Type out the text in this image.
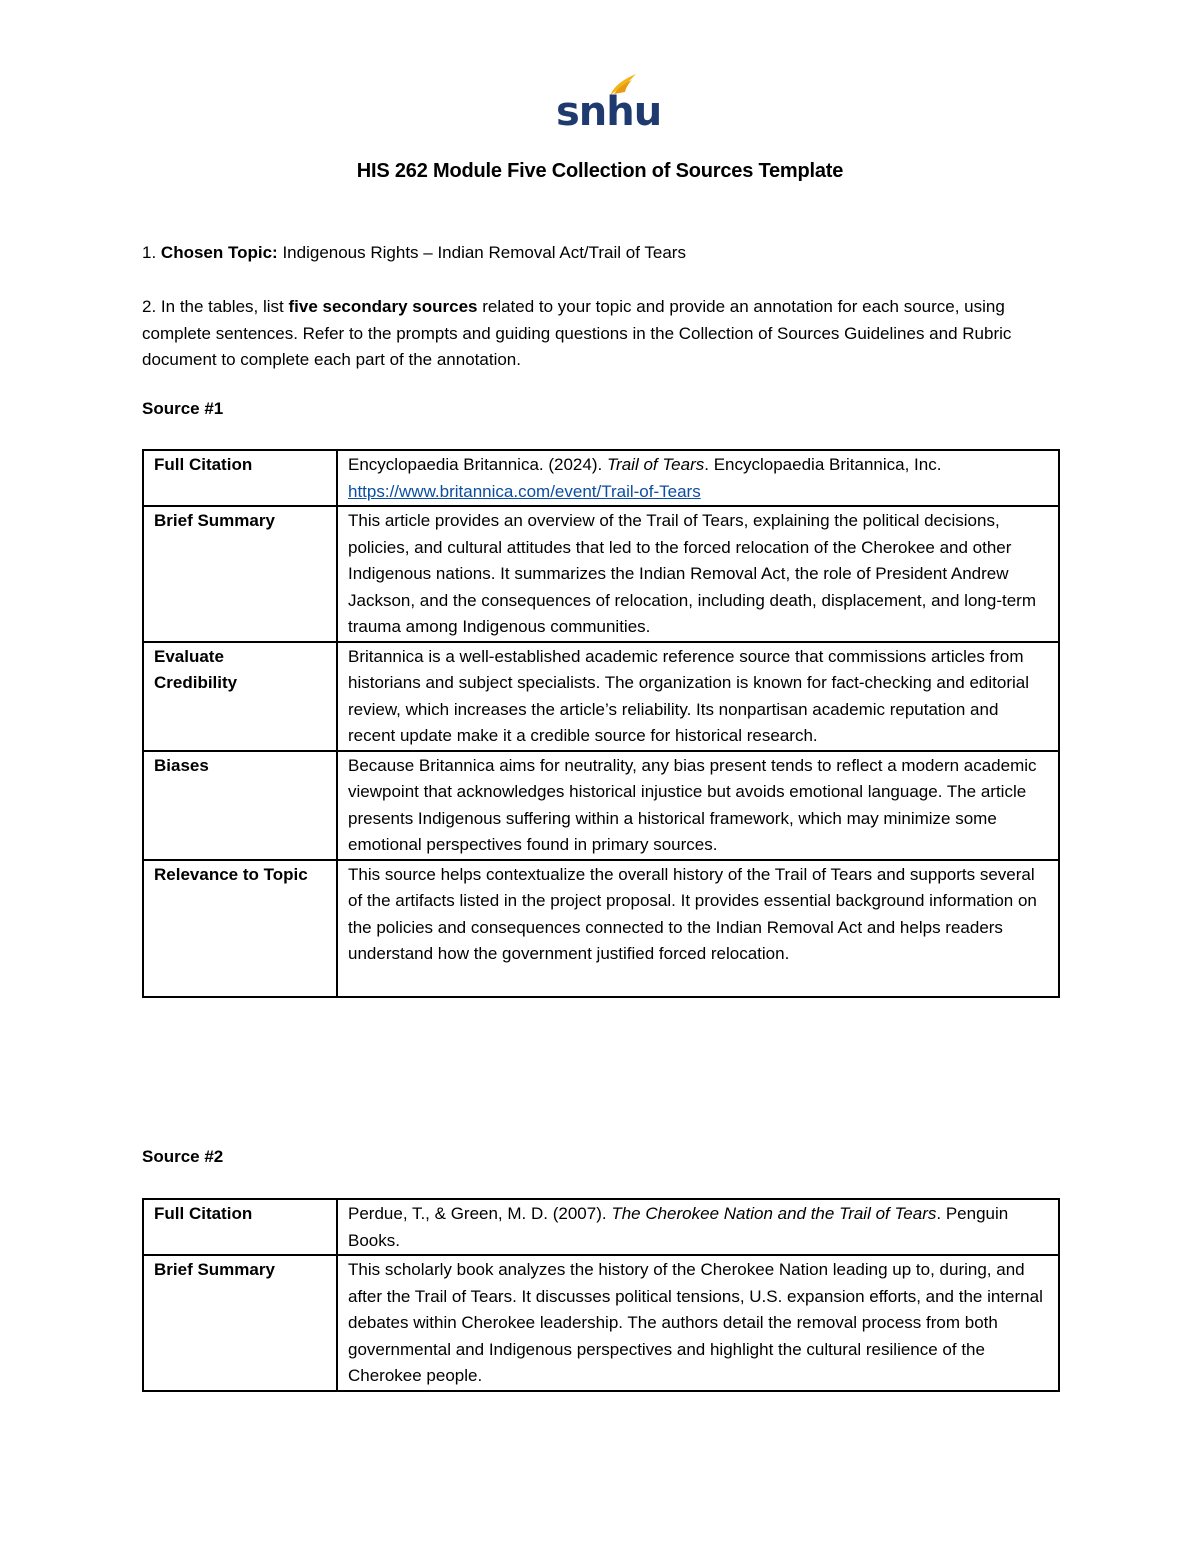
snhu
HIS 262 Module Five Collection of Sources Template
1. Chosen Topic: Indigenous Rights – Indian Removal Act/Trail of Tears
2. In the tables, list five secondary sources related to your topic and provide an annotation for each source, using complete sentences. Refer to the prompts and guiding questions in the Collection of Sources Guidelines and Rubric document to complete each part of the annotation.
Source #1
Full Citation	Encyclopaedia Britannica. (2024). Trail of Tears. Encyclopaedia Britannica, Inc.
https://www.britannica.com/event/Trail-of-Tears
Brief Summary	This article provides an overview of the Trail of Tears, explaining the political decisions, policies, and cultural attitudes that led to the forced relocation of the Cherokee and other Indigenous nations. It summarizes the Indian Removal Act, the role of President Andrew Jackson, and the consequences of relocation, including death, displacement, and long-term trauma among Indigenous communities.

Evaluate Credibility	Britannica is a well-established academic reference source that commissions articles from historians and subject specialists. The organization is known for fact-checking and editorial review, which increases the article’s reliability. Its nonpartisan academic reputation and recent update make it a credible source for historical research.
Biases	Because Britannica aims for neutrality, any bias present tends to reflect a modern academic viewpoint that acknowledges historical injustice but avoids emotional language. The article presents Indigenous suffering within a historical framework, which may minimize some emotional perspectives found in primary sources.
Relevance to Topic	This source helps contextualize the overall history of the Trail of Tears and supports several of the artifacts listed in the project proposal. It provides essential background information on the policies and consequences connected to the Indian Removal Act and helps readers understand how the government justified forced relocation.
Source #2
Full Citation	Perdue, T., & Green, M. D. (2007). The Cherokee Nation and the Trail of Tears. Penguin Books.
Brief Summary	This scholarly book analyzes the history of the Cherokee Nation leading up to, during, and after the Trail of Tears. It discusses political tensions, U.S. expansion efforts, and the internal debates within Cherokee leadership. The authors detail the removal process from both governmental and Indigenous perspectives and highlight the cultural resilience of the Cherokee people.
